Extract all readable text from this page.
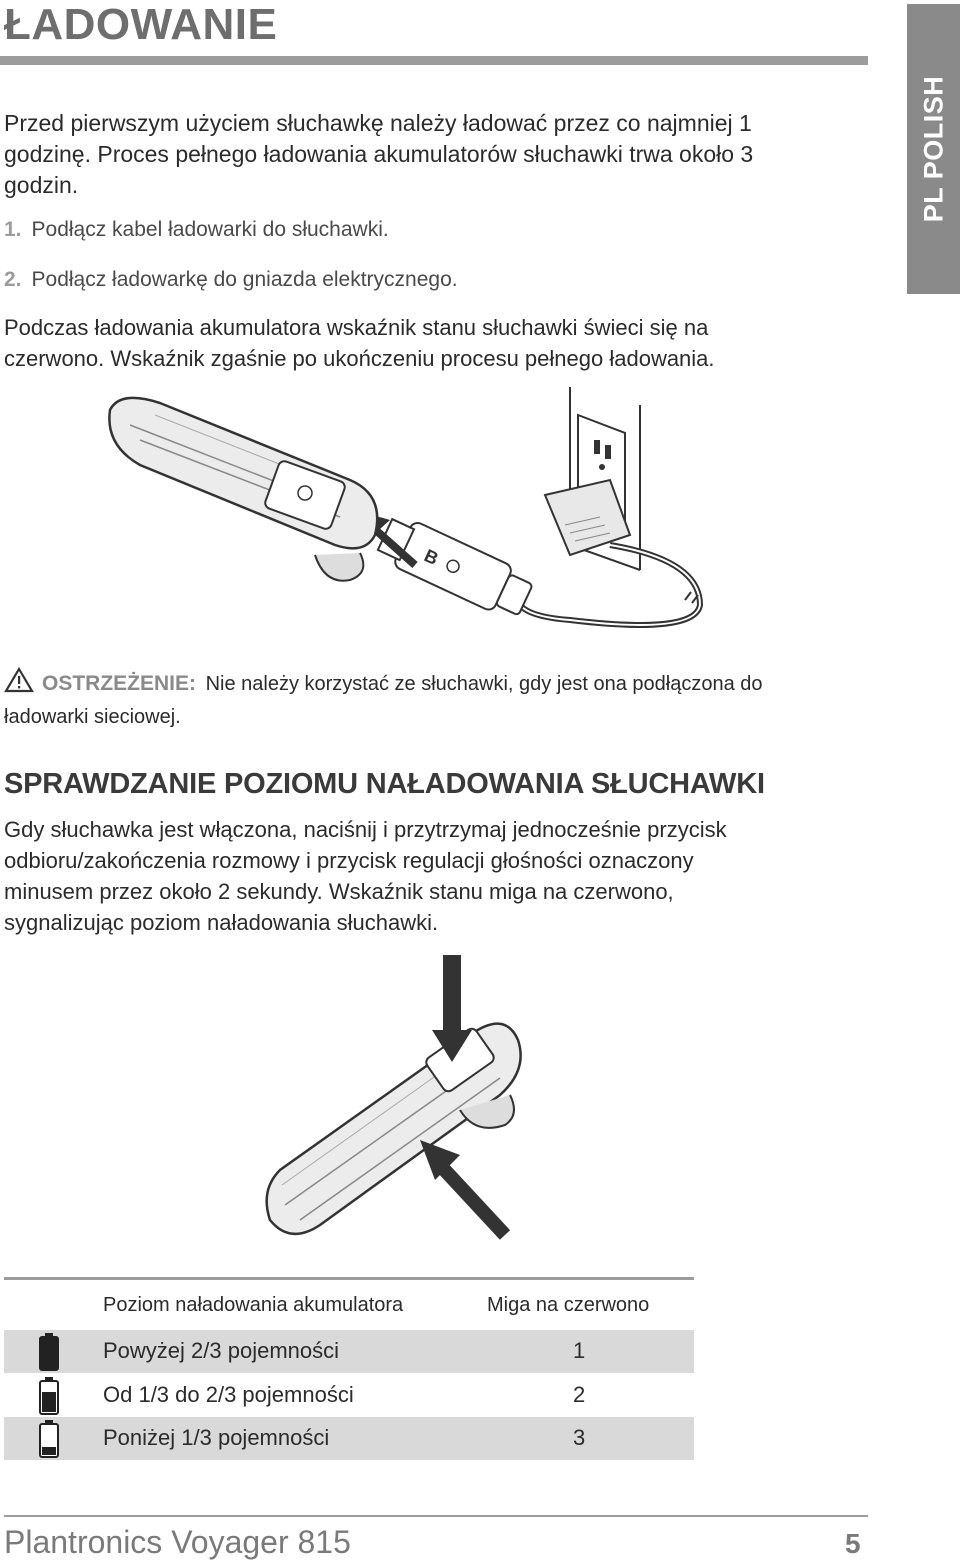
ŁADOWANIE
PL POLISH
Przed pierwszym użyciem słuchawkę należy ładować przez co najmniej 1
godzinę. Proces pełnego ładowania akumulatorów słuchawki trwa około 3
godzin.
1. Podłącz kabel ładowarki do słuchawki.
2. Podłącz ładowarkę do gniazda elektrycznego.
Podczas ładowania akumulatora wskaźnik stanu słuchawki świeci się na
czerwono. Wskaźnik zgaśnie po ukończeniu procesu pełnego ładowania.
B
OSTRZEŻENIE: Nie należy korzystać ze słuchawki, gdy jest ona podłączona do
ładowarki sieciowej.
SPRAWDZANIE POZIOMU NAŁADOWANIA SŁUCHAWKI
Gdy słuchawka jest włączona, naciśnij i przytrzymaj jednocześnie przycisk
odbioru/zakończenia rozmowy i przycisk regulacji głośności oznaczony
minusem przez około 2 sekundy. Wskaźnik stanu miga na czerwono,
sygnalizując poziom naładowania słuchawki.
Poziom naładowania akumulatora	Miga na czerwono
Powyżej 2/3 pojemności	1
Od 1/3 do 2/3 pojemności	2
Poniżej 1/3 pojemności	3
Plantronics Voyager 815	5
